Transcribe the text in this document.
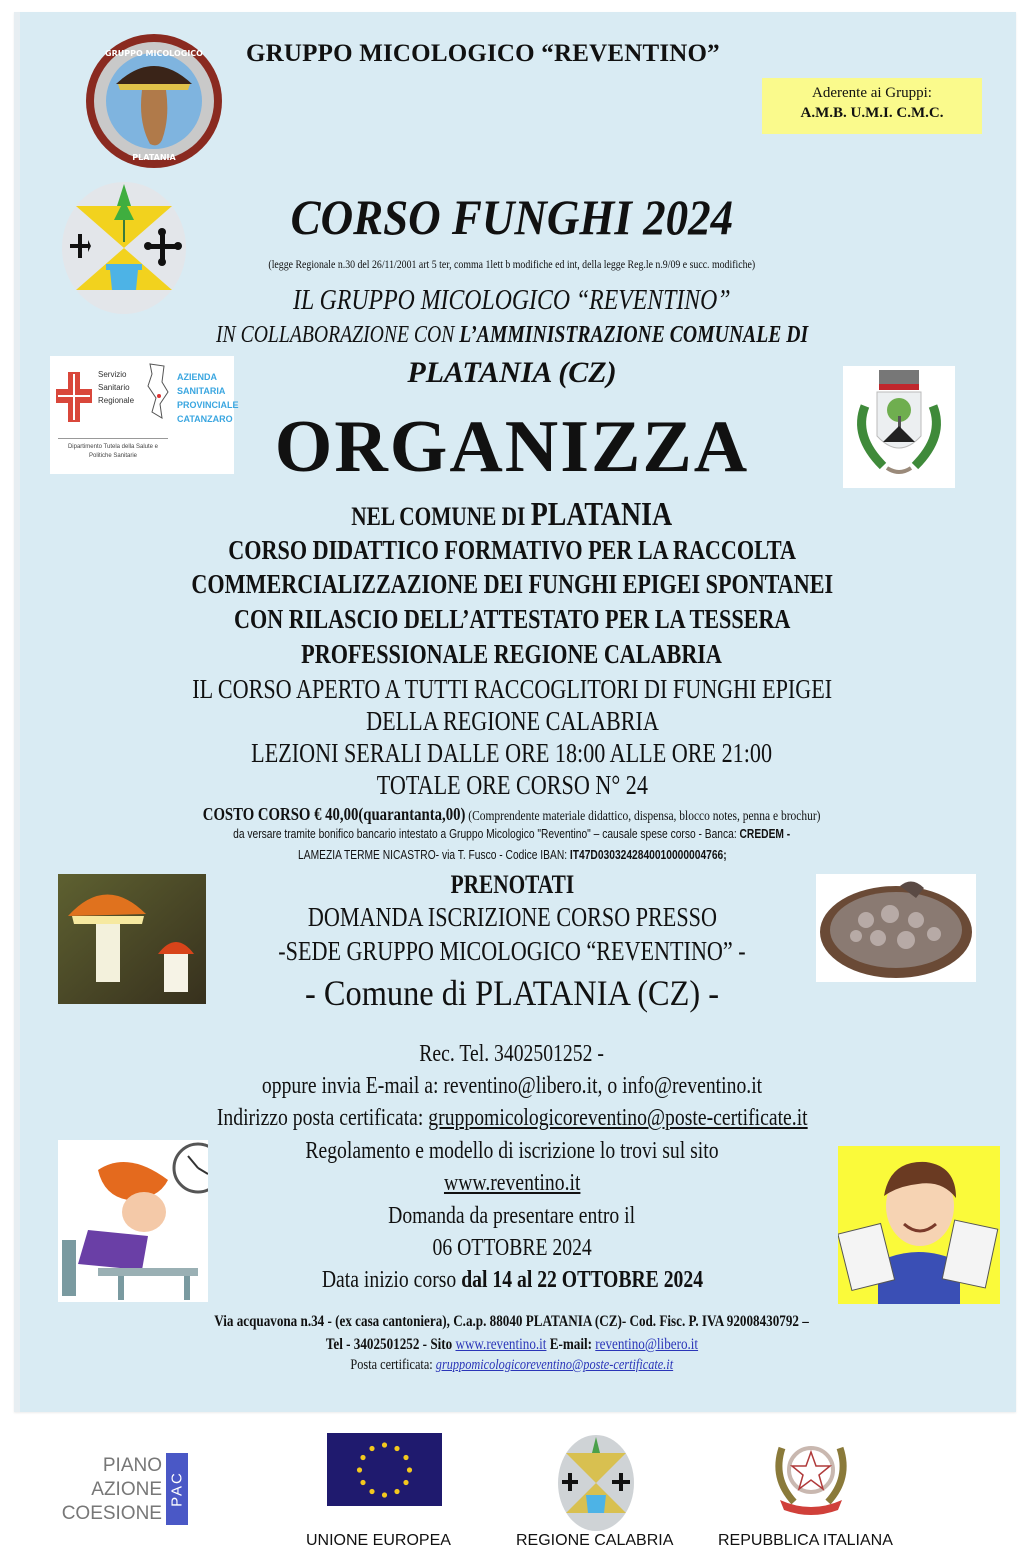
GRUPPO MICOLOGICO
PLATANIA
GRUPPO MICOLOGICO “REVENTINO”
Aderente ai Gruppi:
A.M.B. U.M.I. C.M.C.
CORSO FUNGHI 2024
(legge Regionale n.30 del 26/11/2001 art 5 ter, comma 1lett b modifiche ed int, della legge Reg.le n.9/09 e succ. modifiche)
IL GRUPPO MICOLOGICO “REVENTINO”
IN COLLABORAZIONE CON L’AMMINISTRAZIONE COMUNALE DI
PLATANIA (CZ)
ORGANIZZA
Servizio
Sanitario
Regionale
AZIENDA
SANITARIA
PROVINCIALE
CATANZARO
Dipartimento Tutela della Salute e Politiche Sanitarie
NEL COMUNE DI PLATANIA
CORSO DIDATTICO FORMATIVO PER LA RACCOLTA
COMMERCIALIZZAZIONE DEI FUNGHI EPIGEI SPONTANEI
CON RILASCIO DELL’ATTESTATO PER LA TESSERA
PROFESSIONALE REGIONE CALABRIA
IL CORSO APERTO A TUTTI RACCOGLITORI DI FUNGHI EPIGEI
DELLA REGIONE CALABRIA
LEZIONI SERALI DALLE ORE 18:00 ALLE ORE 21:00
TOTALE ORE CORSO N° 24
COSTO CORSO € 40,00(quarantanta,00) (Comprendente materiale didattico, dispensa, blocco notes, penna e brochur)
da versare tramite bonifico bancario intestato a Gruppo Micologico "Reventino" – causale spese corso - Banca: CREDEM -
LAMEZIA TERME NICASTRO- via T. Fusco - Codice IBAN: IT47D0303242840010000004766;
PRENOTATI
DOMANDA ISCRIZIONE CORSO PRESSO
-SEDE GRUPPO MICOLOGICO “REVENTINO” -
- Comune di PLATANIA (CZ) -
Rec. Tel. 3402501252 -
oppure invia E-mail a: reventino@libero.it, o info@reventino.it
Indirizzo posta certificata: gruppomicologicoreventino@poste-certificate.it
Regolamento e modello di iscrizione lo trovi sul sito
www.reventino.it
Domanda da presentare entro il
06 OTTOBRE 2024
Data inizio corso dal 14 al 22 OTTOBRE 2024
Via acquavona n.34 - (ex casa cantoniera), C.a.p. 88040 PLATANIA (CZ)- Cod. Fisc. P. IVA 92008430792 –
Tel - 3402501252 - Sito www.reventino.it E-mail: reventino@libero.it
Posta certificata: gruppomicologicoreventino@poste-certificate.it
PIANO
AZIONE
COESIONE
PAC
UNIONE EUROPEA	REGIONE CALABRIA	REPUBBLICA ITALIANA
